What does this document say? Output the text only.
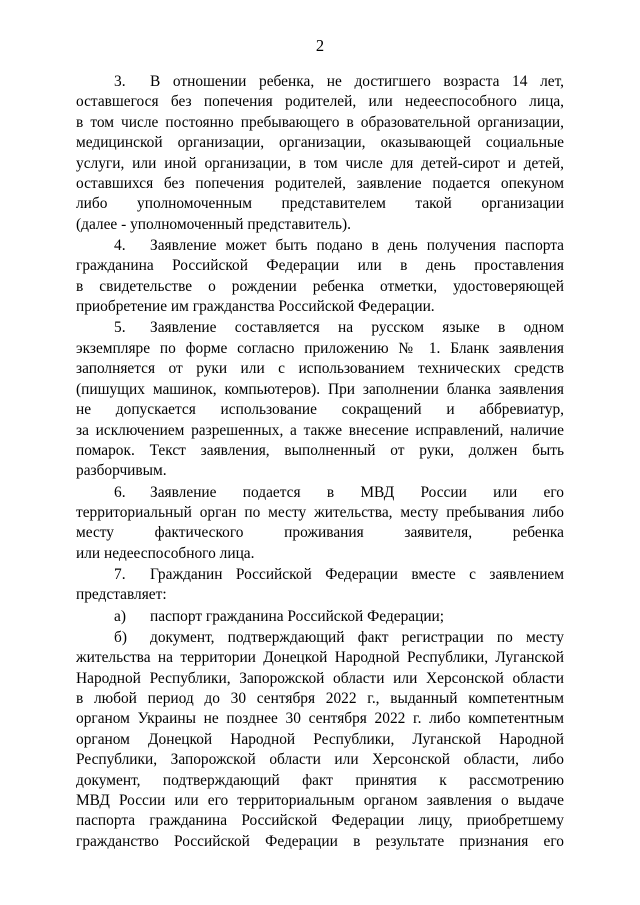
2
3. В отношении ребенка, не достигшего возраста 14 лет,
оставшегося без попечения родителей, или недееспособного лица,
в том числе постоянно пребывающего в образовательной организации,
медицинской организации, организации, оказывающей социальные
услуги, или иной организации, в том числе для детей-сирот и детей,
оставшихся без попечения родителей, заявление подается опекуном
либо уполномоченным представителем такой организации
(далее - уполномоченный представитель).
4. Заявление может быть подано в день получения паспорта
гражданина Российской Федерации или в день проставления
в свидетельстве о рождении ребенка отметки, удостоверяющей
приобретение им гражданства Российской Федерации.
5. Заявление составляется на русском языке в одном
экземпляре по форме согласно приложению № 1. Бланк заявления
заполняется от руки или с использованием технических средств
(пишущих машинок, компьютеров). При заполнении бланка заявления
не допускается использование сокращений и аббревиатур,
за исключением разрешенных, а также внесение исправлений, наличие
помарок. Текст заявления, выполненный от руки, должен быть
разборчивым.
6. Заявление подается в МВД России или его
территориальный орган по месту жительства, месту пребывания либо
месту фактического проживания заявителя, ребенка
или недееспособного лица.
7. Гражданин Российской Федерации вместе с заявлением
представляет:
а) паспорт гражданина Российской Федерации;
б) документ, подтверждающий факт регистрации по месту
жительства на территории Донецкой Народной Республики, Луганской
Народной Республики, Запорожской области или Херсонской области
в любой период до 30 сентября 2022 г., выданный компетентным
органом Украины не позднее 30 сентября 2022 г. либо компетентным
органом Донецкой Народной Республики, Луганской Народной
Республики, Запорожской области или Херсонской области, либо
документ, подтверждающий факт принятия к рассмотрению
МВД России или его территориальным органом заявления о выдаче
паспорта гражданина Российской Федерации лицу, приобретшему
гражданство Российской Федерации в результате признания его
